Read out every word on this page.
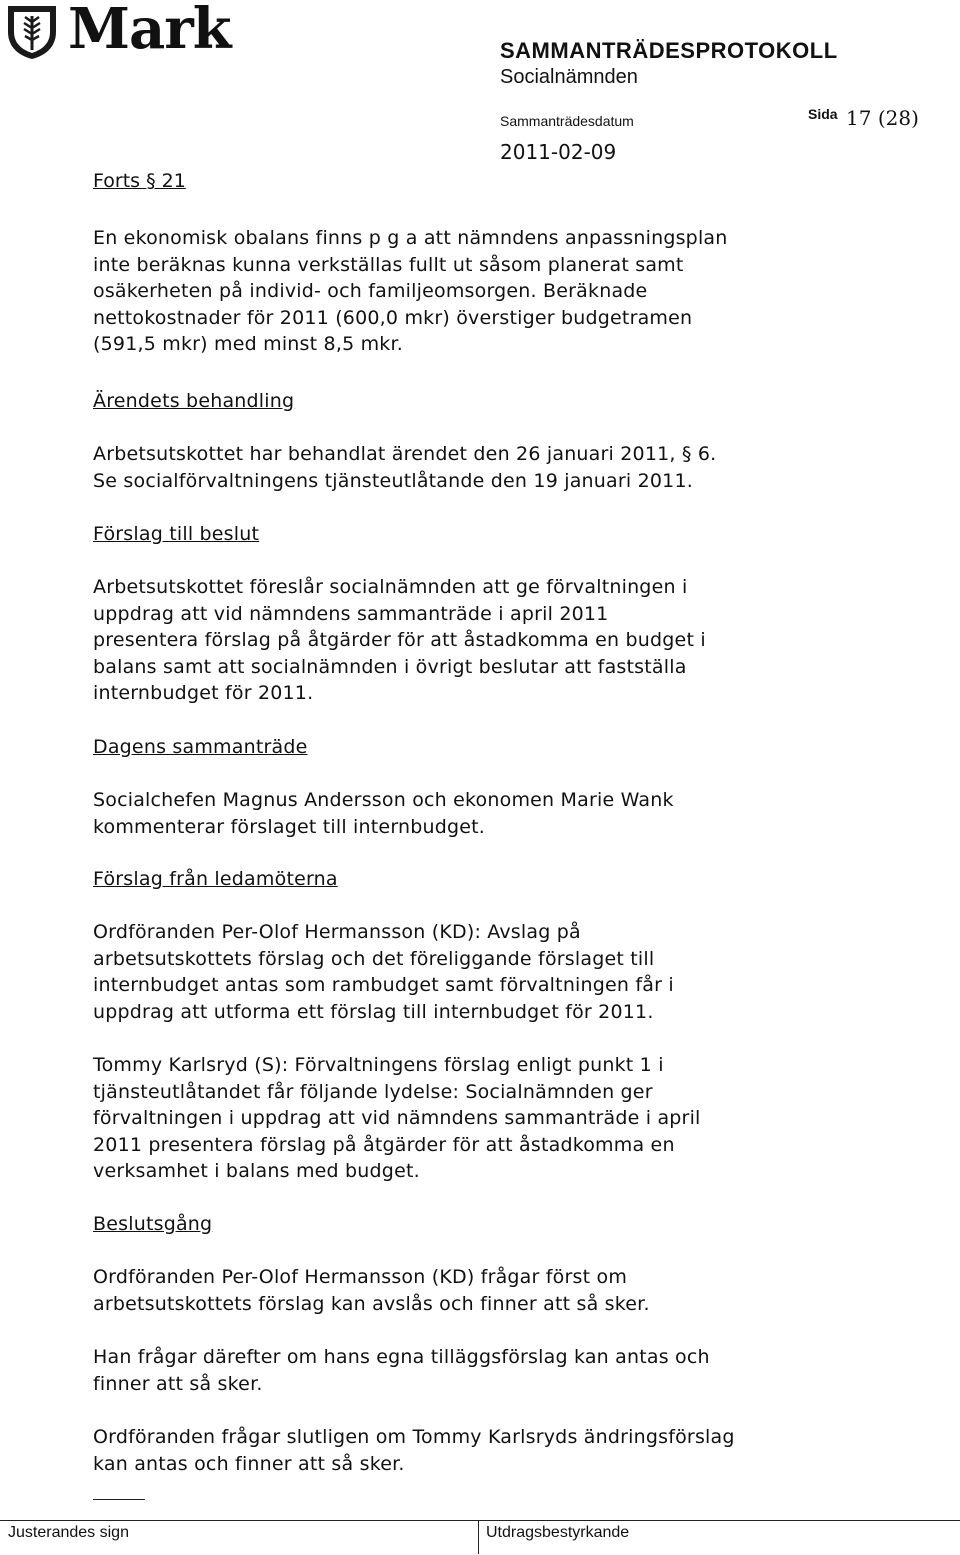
Mark	SAMMANTRÄDESPROTOKOLL
Socialnämnden
Sammanträdesdatum	Sida 17 (28)
2011-02-09
Forts § 21
En ekonomisk obalans finns p g a att nämndens anpassningsplan
inte beräknas kunna verkställas fullt ut såsom planerat samt
osäkerheten på individ- och familjeomsorgen. Beräknade
nettokostnader för 2011 (600,0 mkr) överstiger budgetramen
(591,5 mkr) med minst 8,5 mkr.
Ärendets behandling
Arbetsutskottet har behandlat ärendet den 26 januari 2011, § 6.
Se socialförvaltningens tjänsteutlåtande den 19 januari 2011.
Förslag till beslut
Arbetsutskottet föreslår socialnämnden att ge förvaltningen i
uppdrag att vid nämndens sammanträde i april 2011
presentera förslag på åtgärder för att åstadkomma en budget i
balans samt att socialnämnden i övrigt beslutar att fastställa
internbudget för 2011.
Dagens sammanträde
Socialchefen Magnus Andersson och ekonomen Marie Wank
kommenterar förslaget till internbudget.
Förslag från ledamöterna
Ordföranden Per-Olof Hermansson (KD): Avslag på
arbetsutskottets förslag och det föreliggande förslaget till
internbudget antas som rambudget samt förvaltningen får i
uppdrag att utforma ett förslag till internbudget för 2011.
Tommy Karlsryd (S): Förvaltningens förslag enligt punkt 1 i
tjänsteutlåtandet får följande lydelse: Socialnämnden ger
förvaltningen i uppdrag att vid nämndens sammanträde i april
2011 presentera förslag på åtgärder för att åstadkomma en
verksamhet i balans med budget.
Beslutsgång
Ordföranden Per-Olof Hermansson (KD) frågar först om
arbetsutskottets förslag kan avslås och finner att så sker.
Han frågar därefter om hans egna tilläggsförslag kan antas och
finner att så sker.
Ordföranden frågar slutligen om Tommy Karlsryds ändringsförslag
kan antas och finner att så sker.
Justerandes sign	Utdragsbestyrkande
